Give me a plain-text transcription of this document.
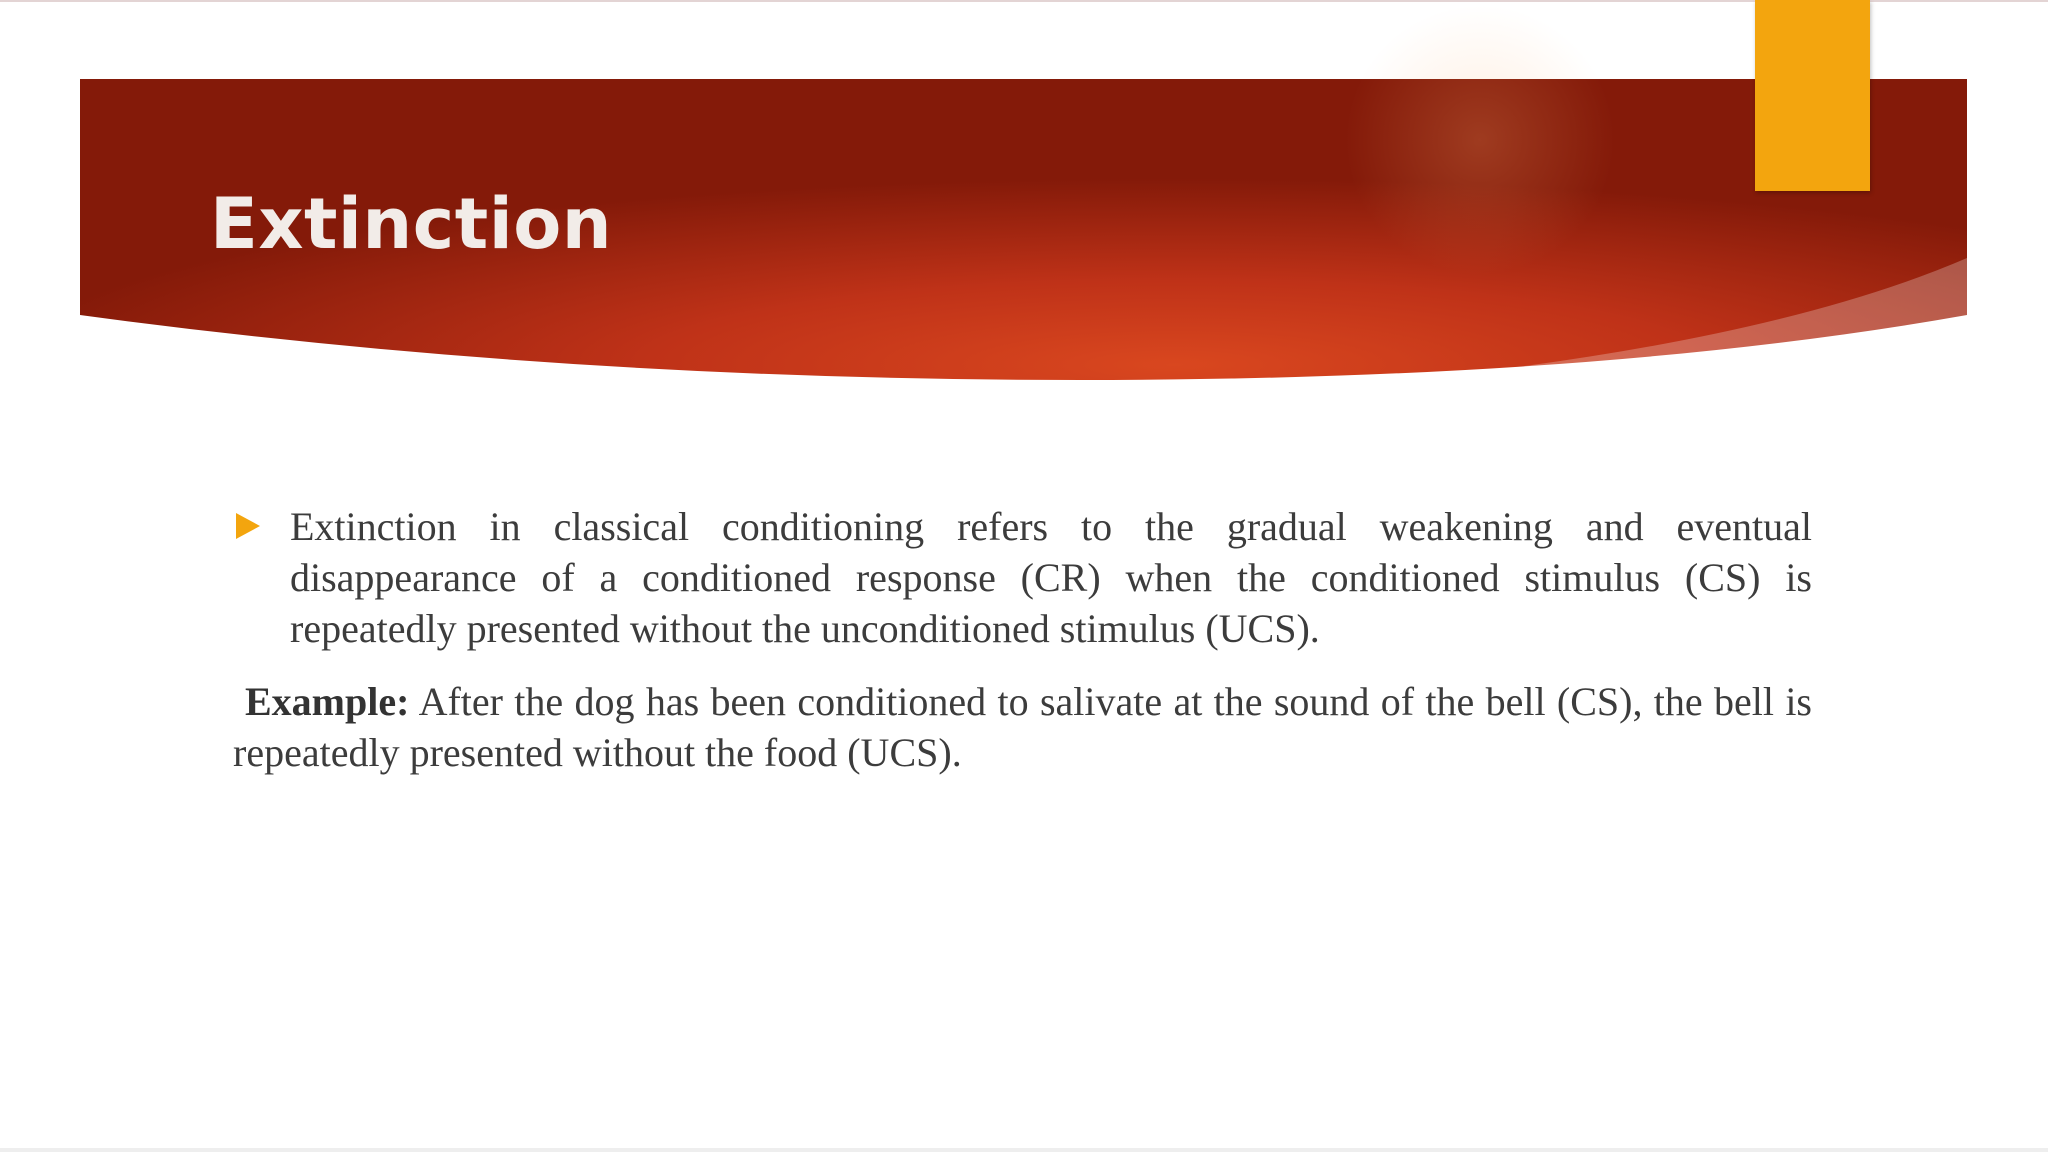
Extinction

Extinction in classical conditioning refers to the gradual weakening and eventual disappearance of a conditioned response (CR) when the conditioned stimulus (CS) is repeatedly presented without the unconditioned stimulus (UCS).

Example: After the dog has been conditioned to salivate at the sound of the bell (CS), the bell is repeatedly presented without the food (UCS).
